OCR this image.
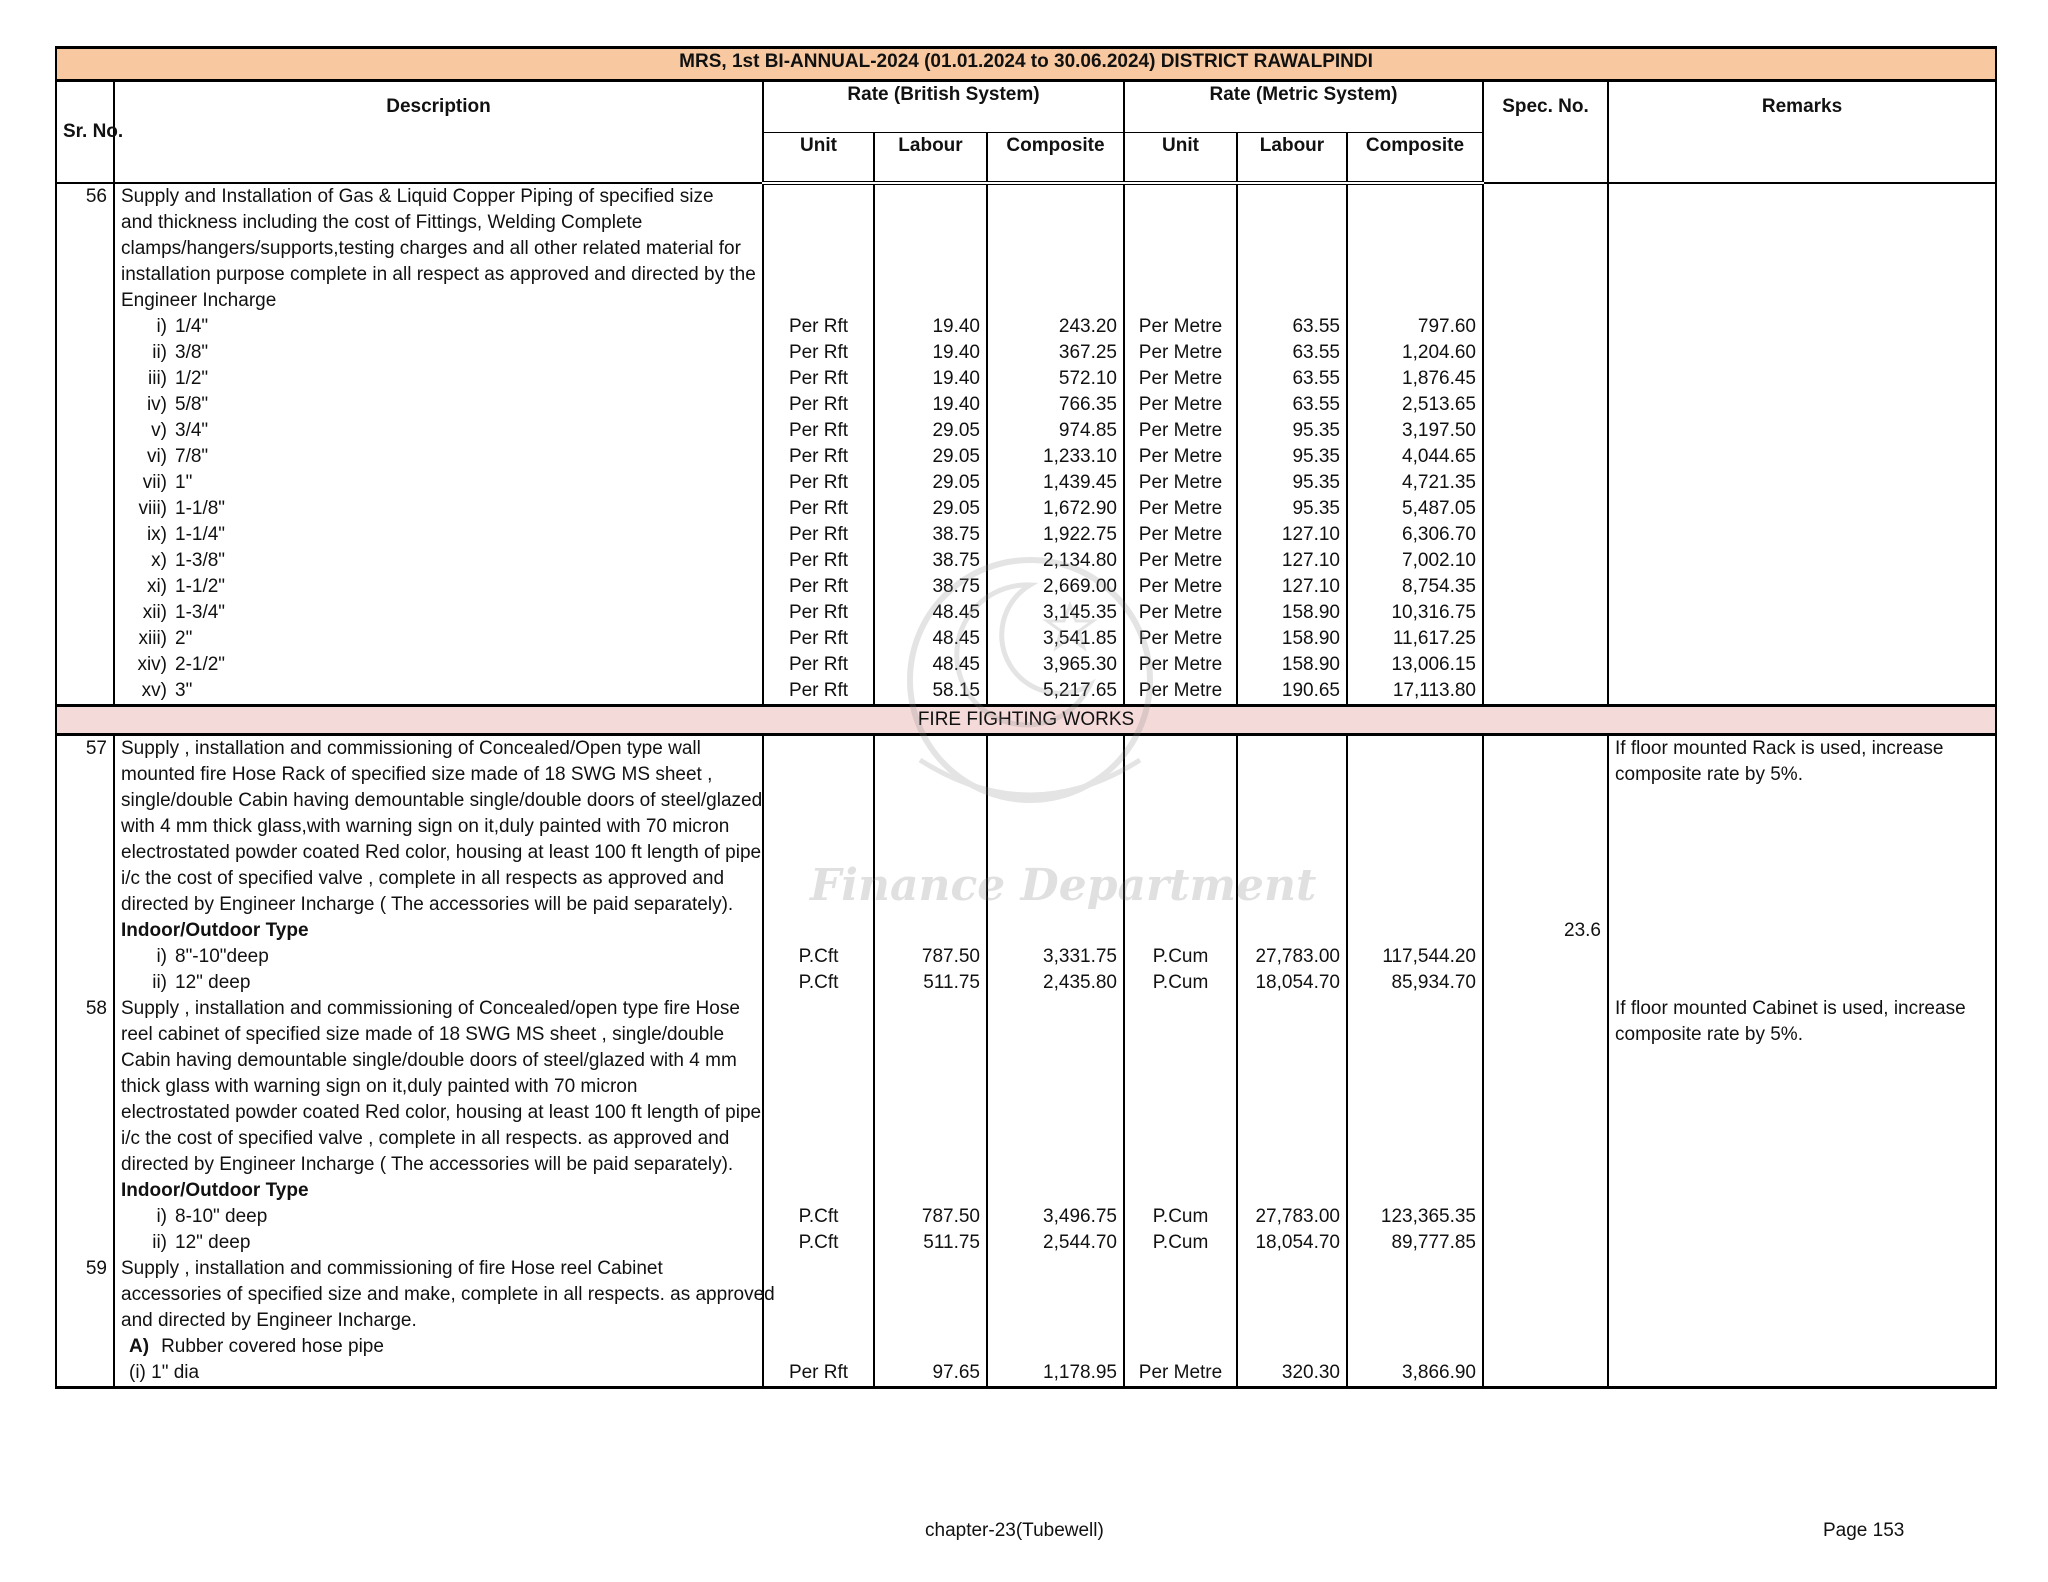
MRS, 1st BI-ANNUAL-2024 (01.01.2024 to 30.06.2024) DISTRICT RAWALPINDI									
Sr. No.	Description	Rate (British System)			Rate (Metric System)			Spec. No.	Remarks
		Unit	Labour	Composite	Unit	Labour	Composite		
56	Supply and Installation of Gas & Liquid Copper Piping of specified size								
	and thickness including the cost of Fittings, Welding Complete								
	clamps/hangers/supports,testing charges and all other related material for								
	installation purpose complete in all respect as approved and directed by the								
	Engineer Incharge								
	i) 1/4"	Per Rft	19.40	243.20	Per Metre	63.55	797.60		
	ii) 3/8"	Per Rft	19.40	367.25	Per Metre	63.55	1,204.60		
	iii) 1/2"	Per Rft	19.40	572.10	Per Metre	63.55	1,876.45		
	iv) 5/8"	Per Rft	19.40	766.35	Per Metre	63.55	2,513.65		
	v) 3/4"	Per Rft	29.05	974.85	Per Metre	95.35	3,197.50		
	vi) 7/8"	Per Rft	29.05	1,233.10	Per Metre	95.35	4,044.65		
	vii) 1"	Per Rft	29.05	1,439.45	Per Metre	95.35	4,721.35		
	viii) 1-1/8"	Per Rft	29.05	1,672.90	Per Metre	95.35	5,487.05		
	ix) 1-1/4"	Per Rft	38.75	1,922.75	Per Metre	127.10	6,306.70		
	x) 1-3/8"	Per Rft	38.75	2,134.80	Per Metre	127.10	7,002.10		
	xi) 1-1/2"	Per Rft	38.75	2,669.00	Per Metre	127.10	8,754.35		
	xii) 1-3/4"	Per Rft	48.45	3,145.35	Per Metre	158.90	10,316.75		
	xiii) 2"	Per Rft	48.45	3,541.85	Per Metre	158.90	11,617.25		
	xiv) 2-1/2"	Per Rft	48.45	3,965.30	Per Metre	158.90	13,006.15		
	xv) 3"	Per Rft	58.15	5,217.65	Per Metre	190.65	17,113.80		
FIRE FIGHTING WORKS									
57	Supply , installation and commissioning of Concealed/Open type wall								If floor mounted Rack is used, increase
	mounted fire Hose Rack of specified size made of 18 SWG MS sheet ,								composite rate by 5%.
	single/double Cabin having demountable single/double doors of steel/glazed								
	with 4 mm thick glass,with warning sign on it,duly painted with 70 micron								
	electrostated powder coated Red color, housing at least 100 ft length of pipe								
	i/c the cost of specified valve , complete in all respects as approved and								
	directed by Engineer Incharge ( The accessories will be paid separately).								

	Indoor/Outdoor Type							23.6	
	i) 8"-10"deep	P.Cft	787.50	3,331.75	P.Cum	27,783.00	117,544.20		
	ii) 12" deep	P.Cft	511.75	2,435.80	P.Cum	18,054.70	85,934.70		
58	Supply , installation and commissioning of Concealed/open type fire Hose								If floor mounted Cabinet is used, increase
	reel cabinet of specified size made of 18 SWG MS sheet , single/double								composite rate by 5%.
	Cabin having demountable single/double doors of steel/glazed with 4 mm								
	thick glass with warning sign on it,duly painted with 70 micron								
	electrostated powder coated Red color, housing at least 100 ft length of pipe								
	i/c the cost of specified valve , complete in all respects. as approved and								
	directed by Engineer Incharge ( The accessories will be paid separately).								

	Indoor/Outdoor Type								
	i) 8-10" deep	P.Cft	787.50	3,496.75	P.Cum	27,783.00	123,365.35		
	ii) 12" deep	P.Cft	511.75	2,544.70	P.Cum	18,054.70	89,777.85		
59	Supply , installation and commissioning of fire Hose reel Cabinet								
	accessories of specified size and make, complete in all respects. as approved								
	and directed by Engineer Incharge.								
	A) Rubber covered hose pipe								
	(i) 1" dia	Per Rft	97.65	1,178.95	Per Metre	320.30	3,866.90		
Finance Department
chapter-23(Tubewell)	Page 153
